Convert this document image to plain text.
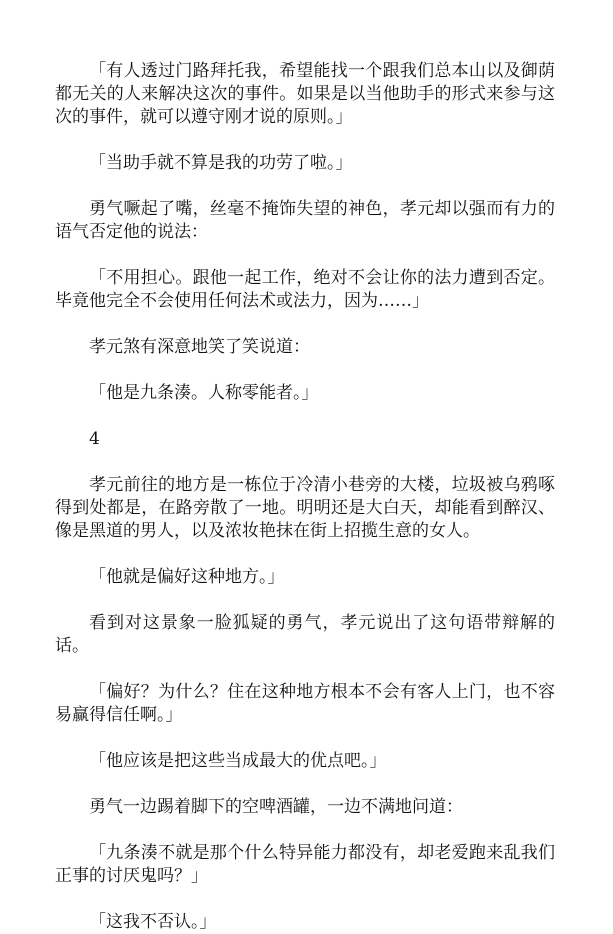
「有人透过门路拜托我，希望能找一个跟我们总本山以及御荫都无关的人来解决这次的事件。如果是以当他助手的形式来参与这次的事件，就可以遵守刚才说的原则。」

「当助手就不算是我的功劳了啦。」

勇气噘起了嘴，丝毫不掩饰失望的神色，孝元却以强而有力的语气否定他的说法：

「不用担心。跟他一起工作，绝对不会让你的法力遭到否定。毕竟他完全不会使用任何法术或法力，因为……」

孝元煞有深意地笑了笑说道：

「他是九条湊。人称零能者。」

4

孝元前往的地方是一栋位于冷清小巷旁的大楼，垃圾被乌鸦啄得到处都是，在路旁散了一地。明明还是大白天，却能看到醉汉、像是黑道的男人，以及浓妆艳抹在街上招揽生意的女人。

「他就是偏好这种地方。」

看到对这景象一脸狐疑的勇气，孝元说出了这句语带辩解的话。

「偏好？为什么？住在这种地方根本不会有客人上门，也不容易赢得信任啊。」

「他应该是把这些当成最大的优点吧。」

勇气一边踢着脚下的空啤酒罐，一边不满地问道：

「九条湊不就是那个什么特异能力都没有，却老爱跑来乱我们正事的讨厌鬼吗？」

「这我不否认。」
